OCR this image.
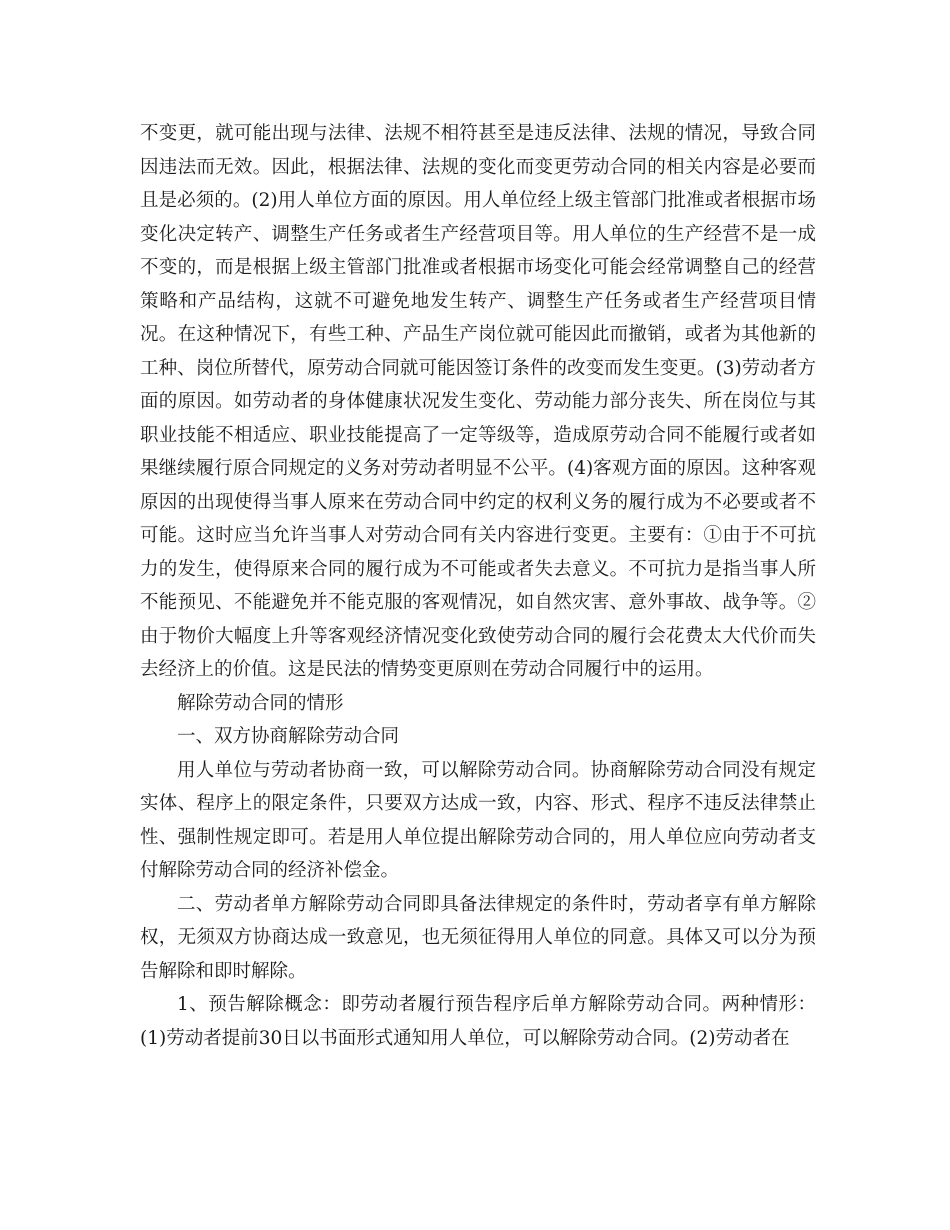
不变更，就可能出现与法律、法规不相符甚至是违反法律、法规的情况，导致合同因违法而无效。因此，根据法律、法规的变化而变更劳动合同的相关内容是必要而且是必须的。(2)用人单位方面的原因。用人单位经上级主管部门批准或者根据市场变化决定转产、调整生产任务或者生产经营项目等。用人单位的生产经营不是一成不变的，而是根据上级主管部门批准或者根据市场变化可能会经常调整自己的经营策略和产品结构，这就不可避免地发生转产、调整生产任务或者生产经营项目情况。在这种情况下，有些工种、产品生产岗位就可能因此而撤销，或者为其他新的工种、岗位所替代，原劳动合同就可能因签订条件的改变而发生变更。(3)劳动者方面的原因。如劳动者的身体健康状况发生变化、劳动能力部分丧失、所在岗位与其职业技能不相适应、职业技能提高了一定等级等，造成原劳动合同不能履行或者如果继续履行原合同规定的义务对劳动者明显不公平。(4)客观方面的原因。这种客观原因的出现使得当事人原来在劳动合同中约定的权利义务的履行成为不必要或者不可能。这时应当允许当事人对劳动合同有关内容进行变更。主要有：①由于不可抗力的发生，使得原来合同的履行成为不可能或者失去意义。不可抗力是指当事人所不能预见、不能避免并不能克服的客观情况，如自然灾害、意外事故、战争等。②由于物价大幅度上升等客观经济情况变化致使劳动合同的履行会花费太大代价而失去经济上的价值。这是民法的情势变更原则在劳动合同履行中的运用。

解除劳动合同的情形

一、双方协商解除劳动合同

用人单位与劳动者协商一致，可以解除劳动合同。协商解除劳动合同没有规定实体、程序上的限定条件，只要双方达成一致，内容、形式、程序不违反法律禁止性、强制性规定即可。若是用人单位提出解除劳动合同的，用人单位应向劳动者支付解除劳动合同的经济补偿金。

二、劳动者单方解除劳动合同即具备法律规定的条件时，劳动者享有单方解除权，无须双方协商达成一致意见，也无须征得用人单位的同意。具体又可以分为预告解除和即时解除。

1、预告解除概念：即劳动者履行预告程序后单方解除劳动合同。两种情形：(1)劳动者提前30日以书面形式通知用人单位，可以解除劳动合同。(2)劳动者在
